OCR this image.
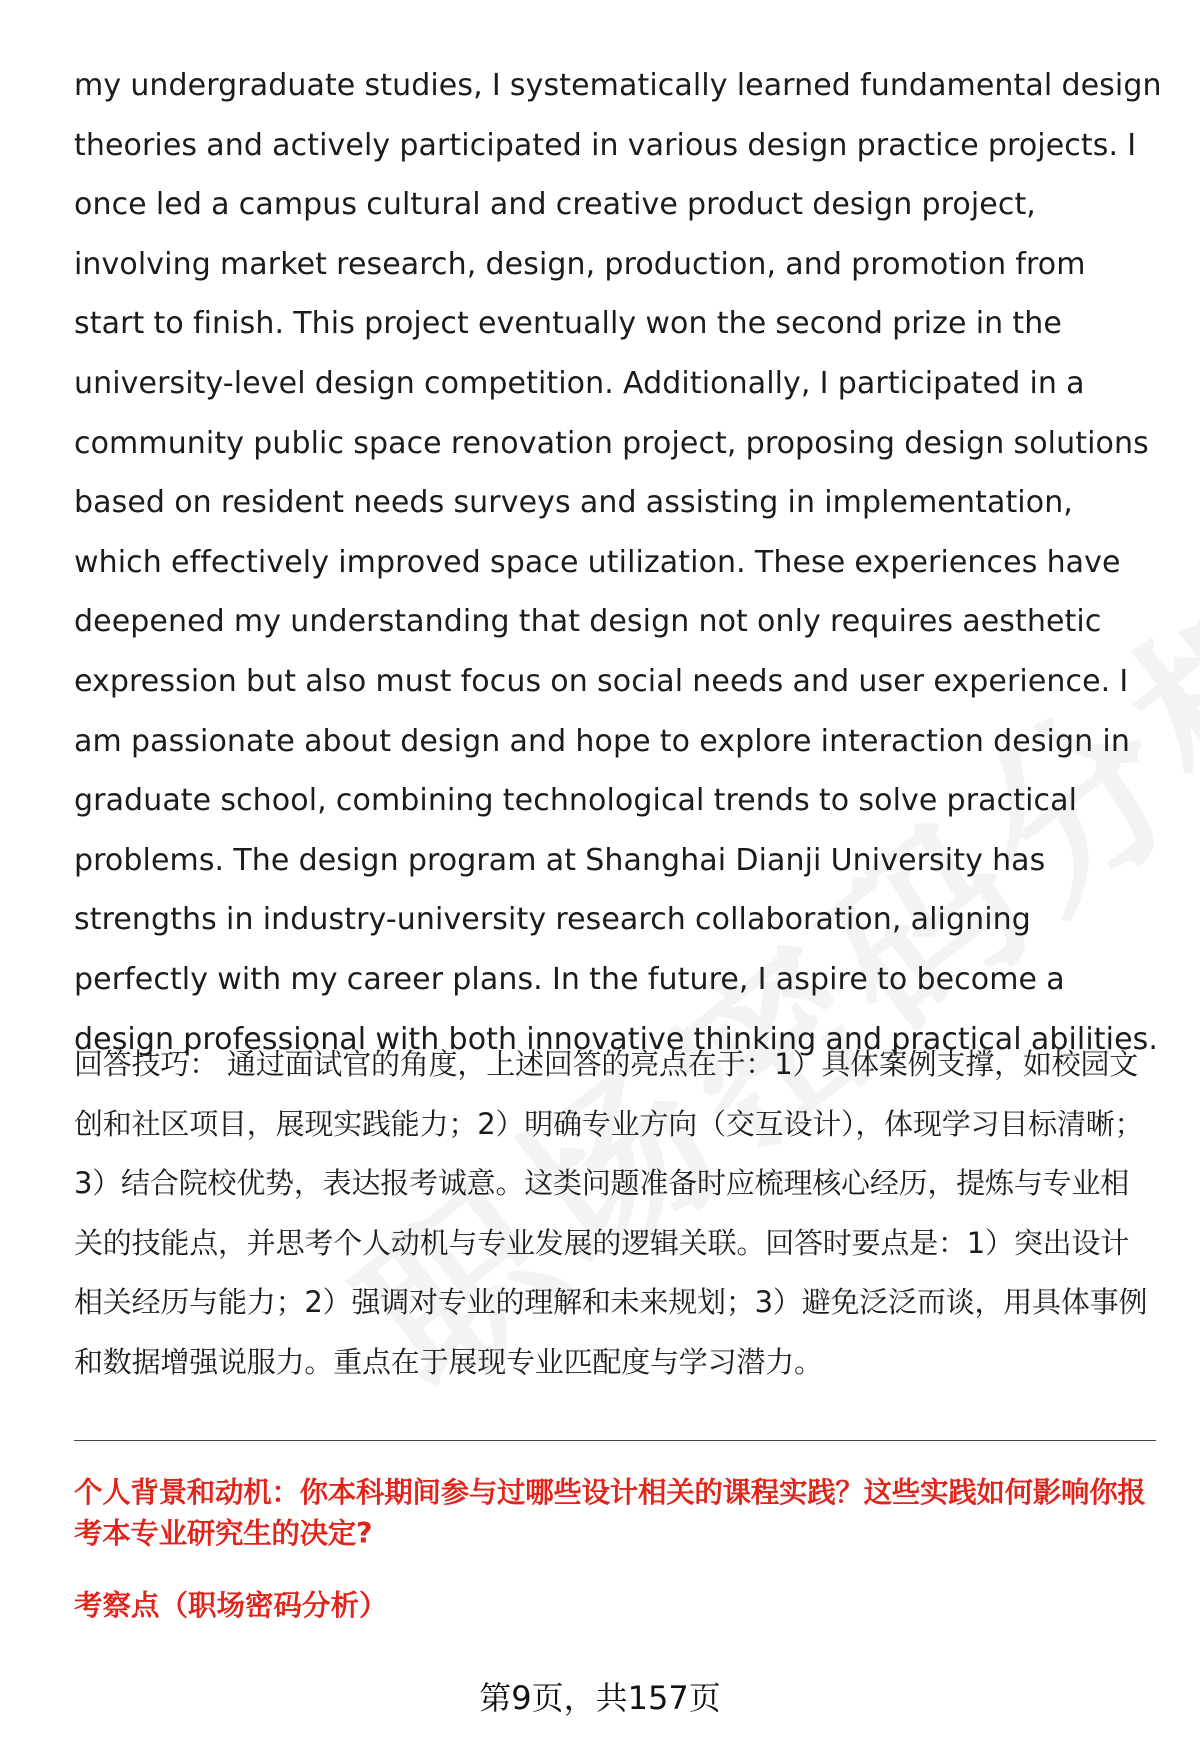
my undergraduate studies, I systematically learned fundamental design theories and actively participated in various design practice projects. I once led a campus cultural and creative product design project, involving market research, design, production, and promotion from start to finish. This project eventually won the second prize in the university-level design competition. Additionally, I participated in a community public space renovation project, proposing design solutions based on resident needs surveys and assisting in implementation, which effectively improved space utilization. These experiences have deepened my understanding that design not only requires aesthetic expression but also must focus on social needs and user experience. I am passionate about design and hope to explore interaction design in graduate school, combining technological trends to solve practical problems. The design program at Shanghai Dianji University has strengths in industry-university research collaboration, aligning perfectly with my career plans. In the future, I aspire to become a design professional with both innovative thinking and practical abilities.
回答技巧： 通过面试官的角度，上述回答的亮点在于：1）具体案例支撑，如校园文创和社区项目，展现实践能力；2）明确专业方向（交互设计），体现学习目标清晰；3）结合院校优势，表达报考诚意。这类问题准备时应梳理核心经历，提炼与专业相关的技能点，并思考个人动机与专业发展的逻辑关联。回答时要点是：1）突出设计相关经历与能力；2）强调对专业的理解和未来规划；3）避免泛泛而谈，用具体事例和数据增强说服力。重点在于展现专业匹配度与学习潜力。
个人背景和动机：你本科期间参与过哪些设计相关的课程实践？这些实践如何影响你报考本专业研究生的决定?
考察点（职场密码分析）
第9页，共157页
